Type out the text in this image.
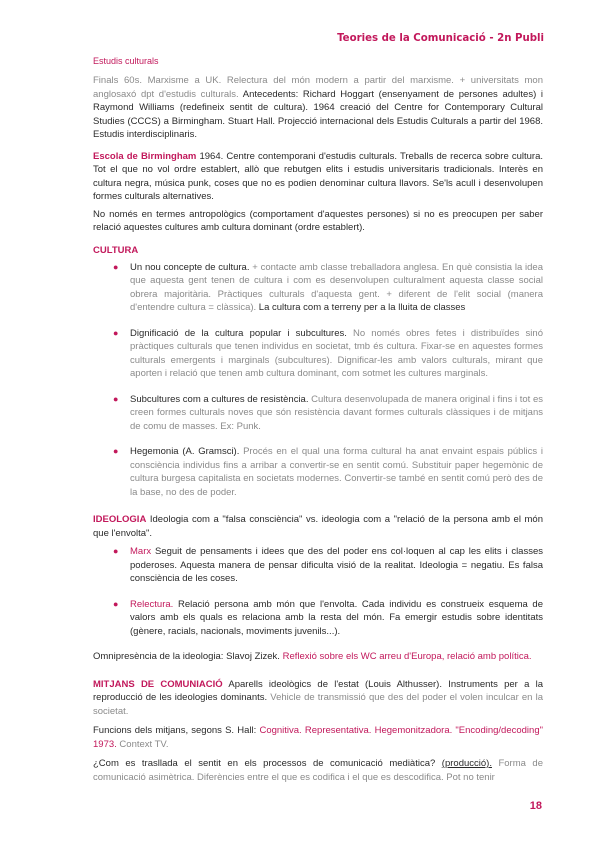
Teories de la Comunicació - 2n Publi
Estudis culturals

Finals 60s. Marxisme a UK. Relectura del món modern a partir del marxisme. + universitats mon anglosaxó dpt d'estudis culturals. Antecedents: Richard Hoggart (ensenyament de persones adultes) i Raymond Williams (redefineix sentit de cultura). 1964 creació del Centre for Contemporary Cultural Studies (CCCS) a Birmingham. Stuart Hall. Projecció internacional dels Estudis Culturals a partir del 1968. Estudis interdisciplinaris.

Escola de Birmingham 1964. Centre contemporani d'estudis culturals. Treballs de recerca sobre cultura. Tot el que no vol ordre establert, allò que rebutgen elits i estudis universitaris tradicionals. Interès en cultura negra, música punk, coses que no es podien denominar cultura llavors. Se'ls acull i desenvolupen formes culturals alternatives.

No només en termes antropològics (comportament d'aquestes persones) si no es preocupen per saber relació aquestes cultures amb cultura dominant (ordre establert).

CULTURA
● Un nou concepte de cultura. + contacte amb classe treballadora anglesa. En què consistia la idea que aquesta gent tenen de cultura i com es desenvolupen culturalment aquesta classe social obrera majoritària. Pràctiques culturals d'aquesta gent. + diferent de l'elit social (manera d'entendre cultura = clàssica). La cultura com a terreny per a la lluita de classes
● Dignificació de la cultura popular i subcultures. No només obres fetes i distribuïdes sinó pràctiques culturals que tenen individus en societat, tmb és cultura. Fixar-se en aquestes formes culturals emergents i marginals (subcultures). Dignificar-les amb valors culturals, mirant que aporten i relació que tenen amb cultura dominant, com sotmet les cultures marginals.
● Subcultures com a cultures de resistència. Cultura desenvolupada de manera original i fins i tot es creen formes culturals noves que són resistència davant formes culturals clàssiques i de mitjans de comu de masses. Ex: Punk.
● Hegemonia (A. Gramsci). Procés en el qual una forma cultural ha anat envaint espais públics i consciència individus fins a arribar a convertir-se en sentit comú. Substituir paper hegemònic de cultura burgesa capitalista en societats modernes. Convertir-se també en sentit comú però des de la base, no des de poder.

IDEOLOGIA Ideologia com a "falsa consciència" vs. ideologia com a "relació de la persona amb el món que l'envolta".

● Marx Seguit de pensaments i idees que des del poder ens col·loquen al cap les elits i classes poderoses. Aquesta manera de pensar dificulta visió de la realitat. Ideologia = negatiu. Es falsa consciència de les coses.
● Relectura. Relació persona amb món que l'envolta. Cada individu es construeix esquema de valors amb els quals es relaciona amb la resta del món. Fa emergir estudis sobre identitats (gènere, racials, nacionals, moviments juvenils...).

Omnipresència de la ideologia: Slavoj Zizek. Reflexió sobre els WC arreu d'Europa, relació amb política.

MITJANS DE COMUNIACIÓ Aparells ideològics de l'estat (Louis Althusser). Instruments per a la reproducció de les ideologies dominants. Vehicle de transmissió que des del poder el volen inculcar en la societat.

Funcions dels mitjans, segons S. Hall: Cognitiva. Representativa. Hegemonitzadora. "Encoding/decoding" 1973. Context TV.

¿Com es trasllada el sentit en els processos de comunicació mediàtica? (producció). Forma de comunicació asimètrica. Diferències entre el que es codifica i el que es descodifica. Pot no tenir

18
